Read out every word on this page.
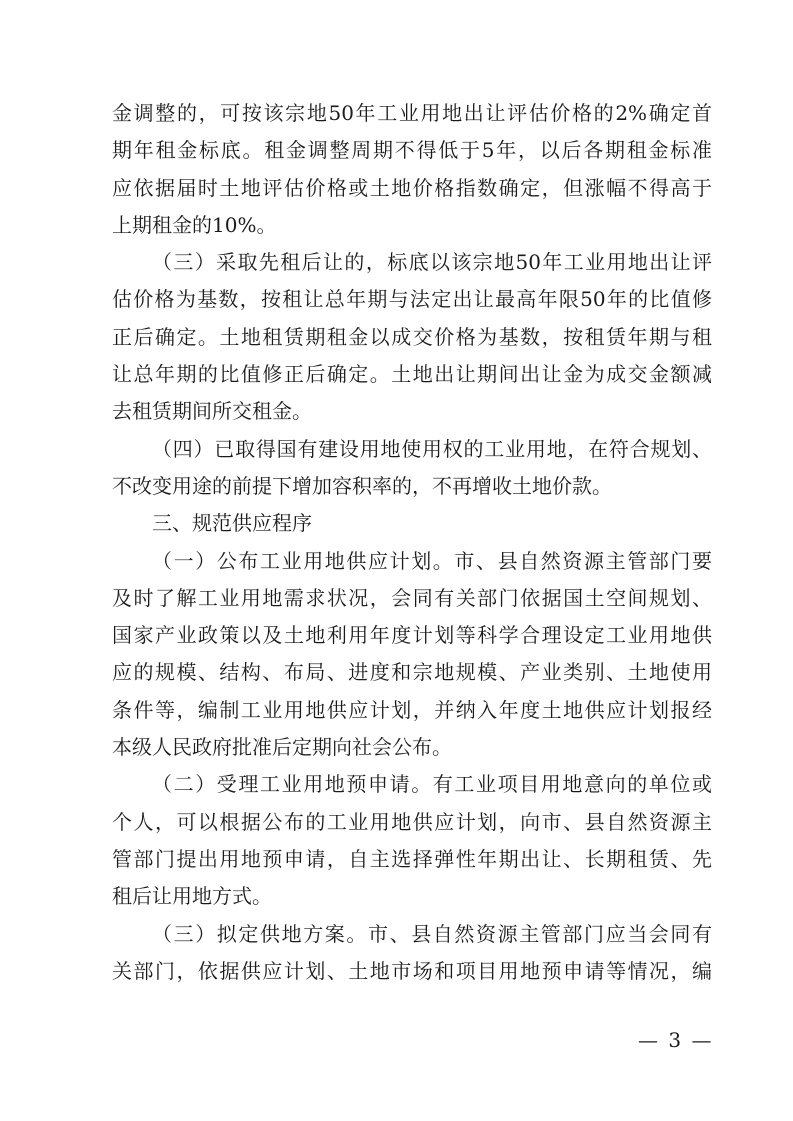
金调整的，可按该宗地50年工业用地出让评估价格的2%确定首
期年租金标底。租金调整周期不得低于5年，以后各期租金标准
应依据届时土地评估价格或土地价格指数确定，但涨幅不得高于
上期租金的10%。
（三）采取先租后让的，标底以该宗地50年工业用地出让评
估价格为基数，按租让总年期与法定出让最高年限50年的比值修
正后确定。土地租赁期租金以成交价格为基数，按租赁年期与租
让总年期的比值修正后确定。土地出让期间出让金为成交金额减
去租赁期间所交租金。
（四）已取得国有建设用地使用权的工业用地，在符合规划、
不改变用途的前提下增加容积率的，不再增收土地价款。
三、规范供应程序
（一）公布工业用地供应计划。市、县自然资源主管部门要
及时了解工业用地需求状况，会同有关部门依据国土空间规划、
国家产业政策以及土地利用年度计划等科学合理设定工业用地供
应的规模、结构、布局、进度和宗地规模、产业类别、土地使用
条件等，编制工业用地供应计划，并纳入年度土地供应计划报经
本级人民政府批准后定期向社会公布。
（二）受理工业用地预申请。有工业项目用地意向的单位或
个人，可以根据公布的工业用地供应计划，向市、县自然资源主
管部门提出用地预申请，自主选择弹性年期出让、长期租赁、先
租后让用地方式。
（三）拟定供地方案。市、县自然资源主管部门应当会同有
关部门，依据供应计划、土地市场和项目用地预申请等情况，编
— 3 —
